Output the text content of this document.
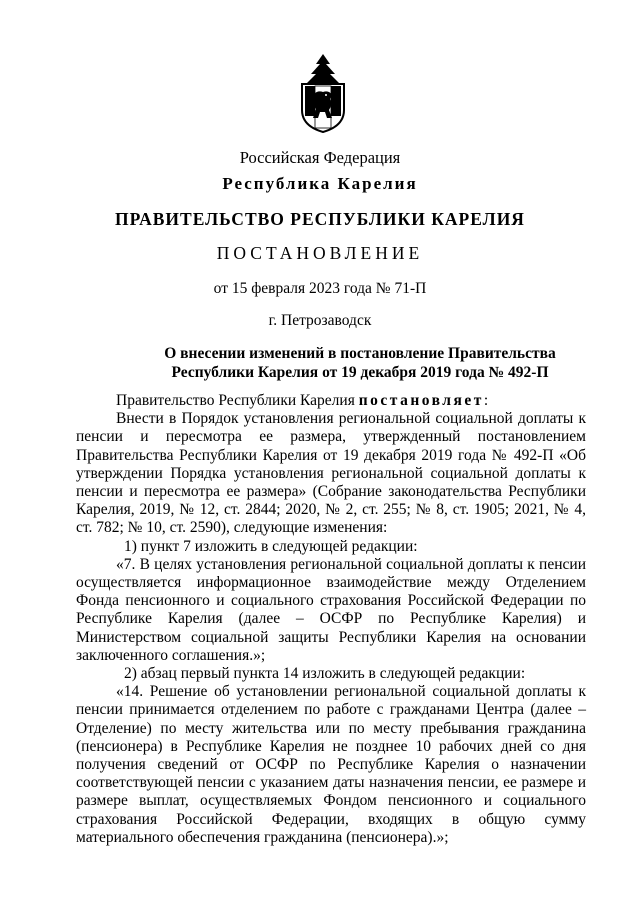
Российская Федерация
Республика Карелия
ПРАВИТЕЛЬСТВО РЕСПУБЛИКИ КАРЕЛИЯ
ПОСТАНОВЛЕНИЕ
от 15 февраля 2023 года № 71-П
г. Петрозаводск
О внесении изменений в постановление Правительства
Республики Карелия от 19 декабря 2019 года № 492-П

Правительство Республики Карелия постановляет:

Внести в Порядок установления региональной социальной доплаты к пенсии и пересмотра ее размера, утвержденный постановлением Правительства Республики Карелия от 19 декабря 2019 года № 492-П «Об утверждении Порядка установления региональной социальной доплаты к пенсии и пересмотра ее размера» (Собрание законодательства Республики Карелия, 2019, № 12, ст. 2844; 2020, № 2, ст. 255; № 8, ст. 1905; 2021, № 4, ст. 782; № 10, ст. 2590), следующие изменения:

1) пункт 7 изложить в следующей редакции:

«7. В целях установления региональной социальной доплаты к пенсии осуществляется информационное взаимодействие между Отделением Фонда пенсионного и социального страхования Российской Федерации по Республике Карелия (далее – ОСФР по Республике Карелия) и Министерством социальной защиты Республики Карелия на основании заключенного соглашения.»;

2) абзац первый пункта 14 изложить в следующей редакции:

«14. Решение об установлении региональной социальной доплаты к пенсии принимается отделением по работе с гражданами Центра (далее – Отделение) по месту жительства или по месту пребывания гражданина (пенсионера) в Республике Карелия не позднее 10 рабочих дней со дня получения сведений от ОСФР по Республике Карелия о назначении соответствующей пенсии с указанием даты назначения пенсии, ее размере и размере выплат, осуществляемых Фондом пенсионного и социального страхования Российской Федерации, входящих в общую сумму материального обеспечения гражданина (пенсионера).»;
